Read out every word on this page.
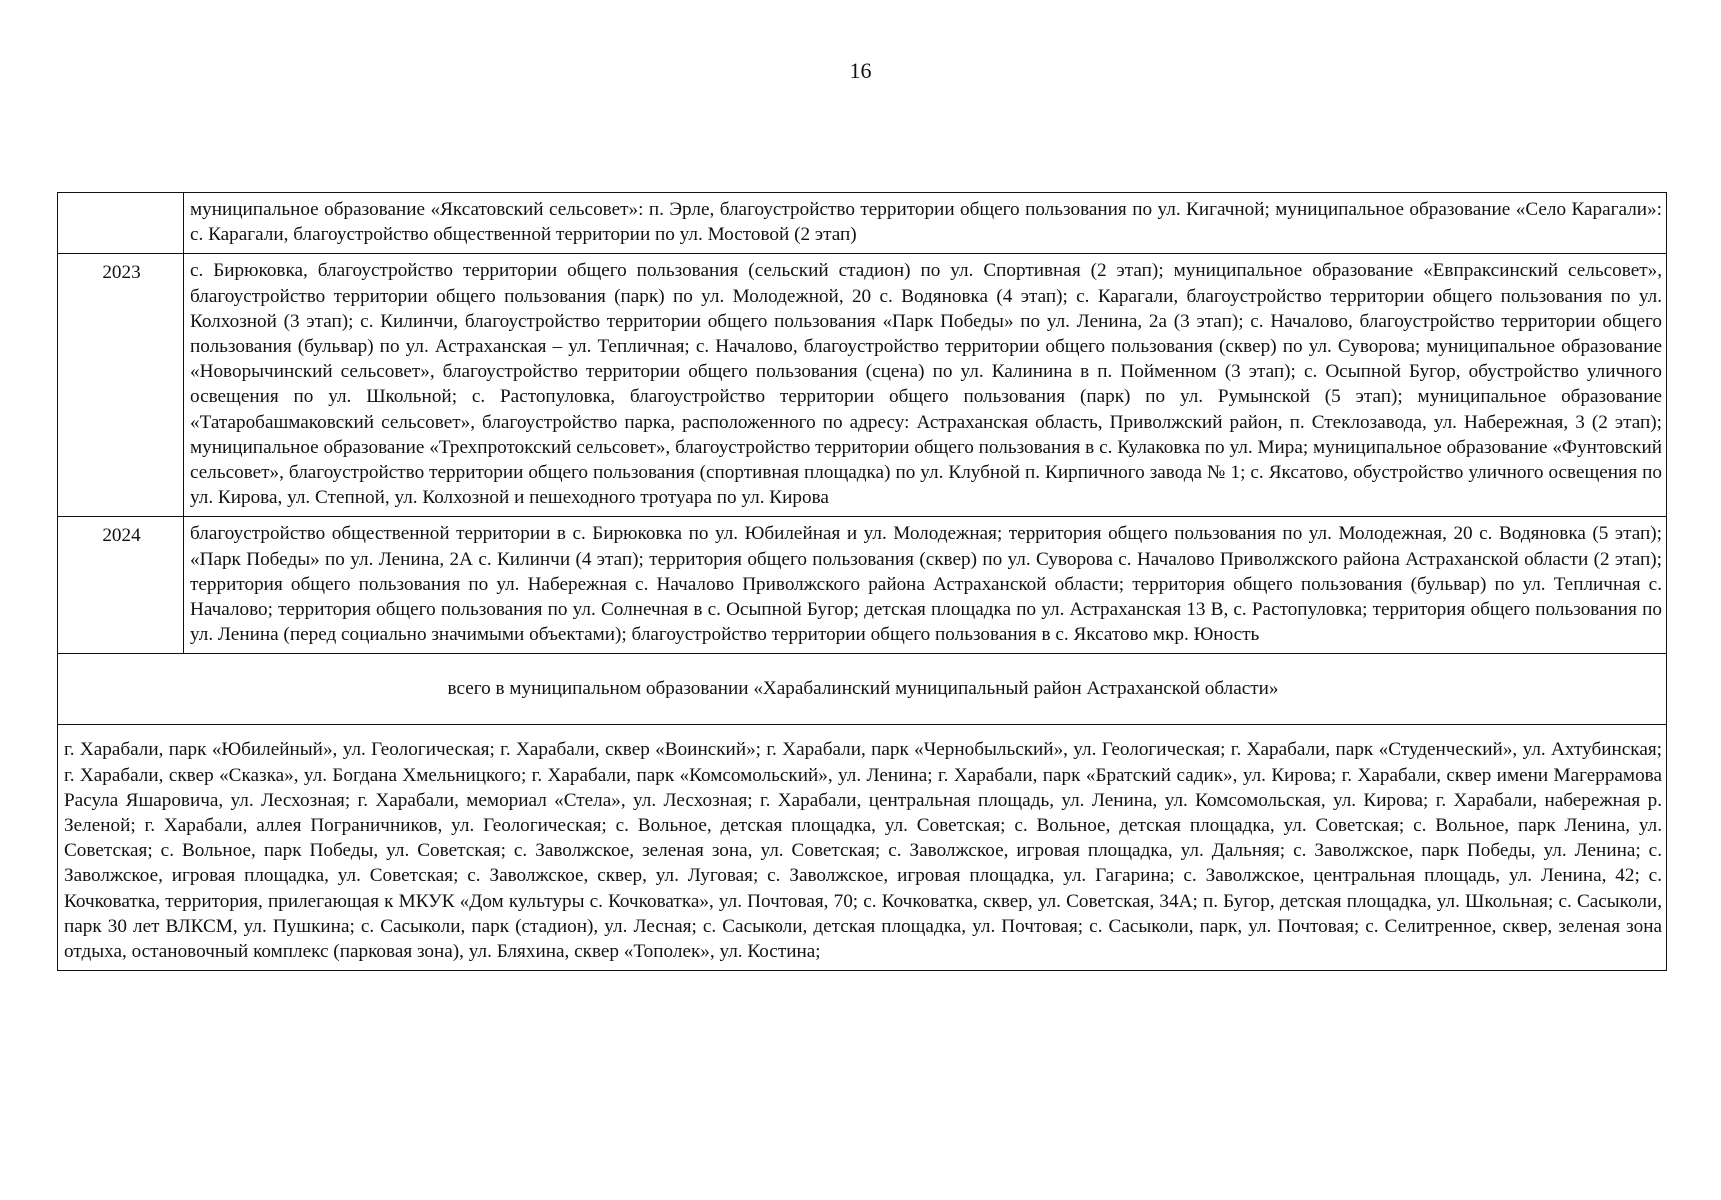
16

	муниципальное образование «Яксатовский сельсовет»: п. Эрле, благоустройство территории общего пользования по ул. Кигачной; муниципальное образование «Село Карагали»: с. Карагали, благоустройство общественной территории по ул. Мостовой (2 этап)

2023	с. Бирюковка, благоустройство территории общего пользования (сельский стадион) по ул. Спортивная (2 этап); муниципальное образование «Евпраксинский сельсовет», благоустройство территории общего пользования (парк) по ул. Молодежной, 20 с. Водяновка (4 этап); с. Карагали, благоустройство территории общего пользования по ул. Колхозной (3 этап); с. Килинчи, благоустройство территории общего пользования «Парк Победы» по ул. Ленина, 2а (3 этап); с. Началово, благоустройство территории общего пользования (бульвар) по ул. Астраханская – ул. Тепличная; с. Началово, благоустройство территории общего пользования (сквер) по ул. Суворова; муниципальное образование «Новорычинский сельсовет», благоустройство территории общего пользования (сцена) по ул. Калинина в п. Пойменном (3 этап); с. Осыпной Бугор, обустройство уличного освещения по ул. Школьной; с. Растопуловка, благоустройство территории общего пользования (парк) по ул. Румынской (5 этап); муниципальное образование «Татаробашмаковский сельсовет», благоустройство парка, расположенного по адресу: Астраханская область, Приволжский район, п. Стеклозавода, ул. Набережная, 3 (2 этап); муниципальное образование «Трехпротокский сельсовет», благоустройство территории общего пользования в с. Кулаковка по ул. Мира; муниципальное образование «Фунтовский сельсовет», благоустройство территории общего пользования (спортивная площадка) по ул. Клубной п. Кирпичного завода № 1; с. Яксатово, обустройство уличного освещения по ул. Кирова, ул. Степной, ул. Колхозной и пешеходного тротуара по ул. Кирова

2024	благоустройство общественной территории в с. Бирюковка по ул. Юбилейная и ул. Молодежная; территория общего пользования по ул. Молодежная, 20 с. Водяновка (5 этап); «Парк Победы» по ул. Ленина, 2А с. Килинчи (4 этап); территория общего пользования (сквер) по ул. Суворова с. Началово Приволжского района Астраханской области (2 этап); территория общего пользования по ул. Набережная с. Началово Приволжского района Астраханской области; территория общего пользования (бульвар) по ул. Тепличная с. Началово; территория общего пользования по ул. Солнечная в с. Осыпной Бугор; детская площадка по ул. Астраханская 13 В, с. Растопуловка; территория общего пользования по ул. Ленина (перед социально значимыми объектами); благоустройство территории общего пользования в с. Яксатово мкр. Юность

всего в муниципальном образовании «Харабалинский муниципальный район Астраханской области»	
г. Харабали, парк «Юбилейный», ул. Геологическая; г. Харабали, сквер «Воинский»; г. Харабали, парк «Чернобыльский», ул. Геологическая; г. Харабали, парк «Студенческий», ул. Ахтубинская; г. Харабали, сквер «Сказка», ул. Богдана Хмельницкого; г. Харабали, парк «Комсомольский», ул. Ленина; г. Харабали, парк «Братский садик», ул. Кирова; г. Харабали, сквер имени Магеррамова Расула Яшаровича, ул. Лесхозная; г. Харабали, мемориал «Стела», ул. Лесхозная; г. Харабали, центральная площадь, ул. Ленина, ул. Комсомольская, ул. Кирова; г. Харабали, набережная р. Зеленой; г. Харабали, аллея Пограничников, ул. Геологическая; с. Вольное, детская площадка, ул. Советская; с. Вольное, детская площадка, ул. Советская; с. Вольное, парк Ленина, ул. Советская; с. Вольное, парк Победы, ул. Советская; с. Заволжское, зеленая зона, ул. Советская; с. Заволжское, игровая площадка, ул. Дальняя; с. Заволжское, парк Победы, ул. Ленина; с. Заволжское, игровая площадка, ул. Советская; с. Заволжское, сквер, ул. Луговая; с. Заволжское, игровая площадка, ул. Гагарина; с. Заволжское, центральная площадь, ул. Ленина, 42; с. Кочковатка, территория, прилегающая к МКУК «Дом культуры с. Кочковатка», ул. Почтовая, 70; с. Кочковатка, сквер, ул. Советская, 34А; п. Бугор, детская площадка, ул. Школьная; с. Сасыколи, парк 30 лет ВЛКСМ, ул. Пушкина; с. Сасыколи, парк (стадион), ул. Лесная; с. Сасыколи, детская площадка, ул. Почтовая; с. Сасыколи, парк, ул. Почтовая; с. Селитренное, сквер, зеленая зона отдыха, остановочный комплекс (парковая зона), ул. Бляхина, сквер «Тополек», ул. Костина;	
